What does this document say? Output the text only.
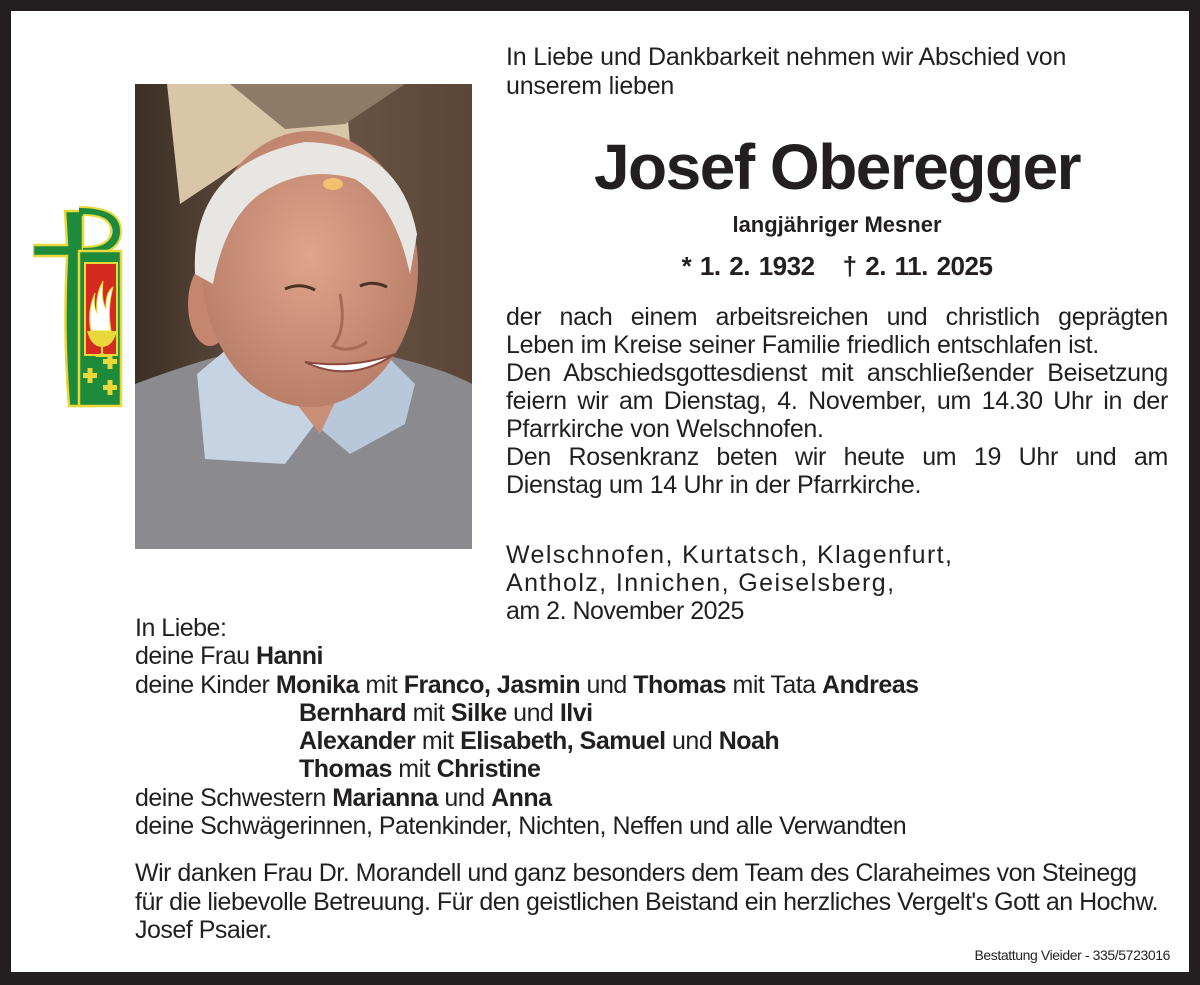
In Liebe und Dankbarkeit nehmen wir Abschied von unserem lieben
Josef Oberegger
langjähriger Mesner
* 1. 2. 1932 † 2. 11. 2025

der nach einem arbeitsreichen und christlich geprägten Leben im Kreise seiner Familie friedlich entschlafen ist.

Den Abschiedsgottesdienst mit anschließender Beisetzung feiern wir am Dienstag, 4. November, um 14.30 Uhr in der Pfarrkirche von Welschnofen.

Den Rosenkranz beten wir heute um 19 Uhr und am Dienstag um 14 Uhr in der Pfarrkirche.

Welschnofen, Kurtatsch, Klagenfurt,
Antholz, Innichen, Geiselsberg,
am 2. November 2025
In Liebe:
deine Frau Hanni
deine Kinder Monika mit Franco, Jasmin und Thomas mit Tata Andreas
Bernhard mit Silke und Ilvi
Alexander mit Elisabeth, Samuel und Noah
Thomas mit Christine
deine Schwestern Marianna und Anna
deine Schwägerinnen, Patenkinder, Nichten, Neffen und alle Verwandten
Wir danken Frau Dr. Morandell und ganz besonders dem Team des Claraheimes von Steinegg für die liebevolle Betreuung. Für den geistlichen Beistand ein herzliches Vergelt's Gott an Hochw. Josef Psaier.
Bestattung Vieider - 335/5723016
